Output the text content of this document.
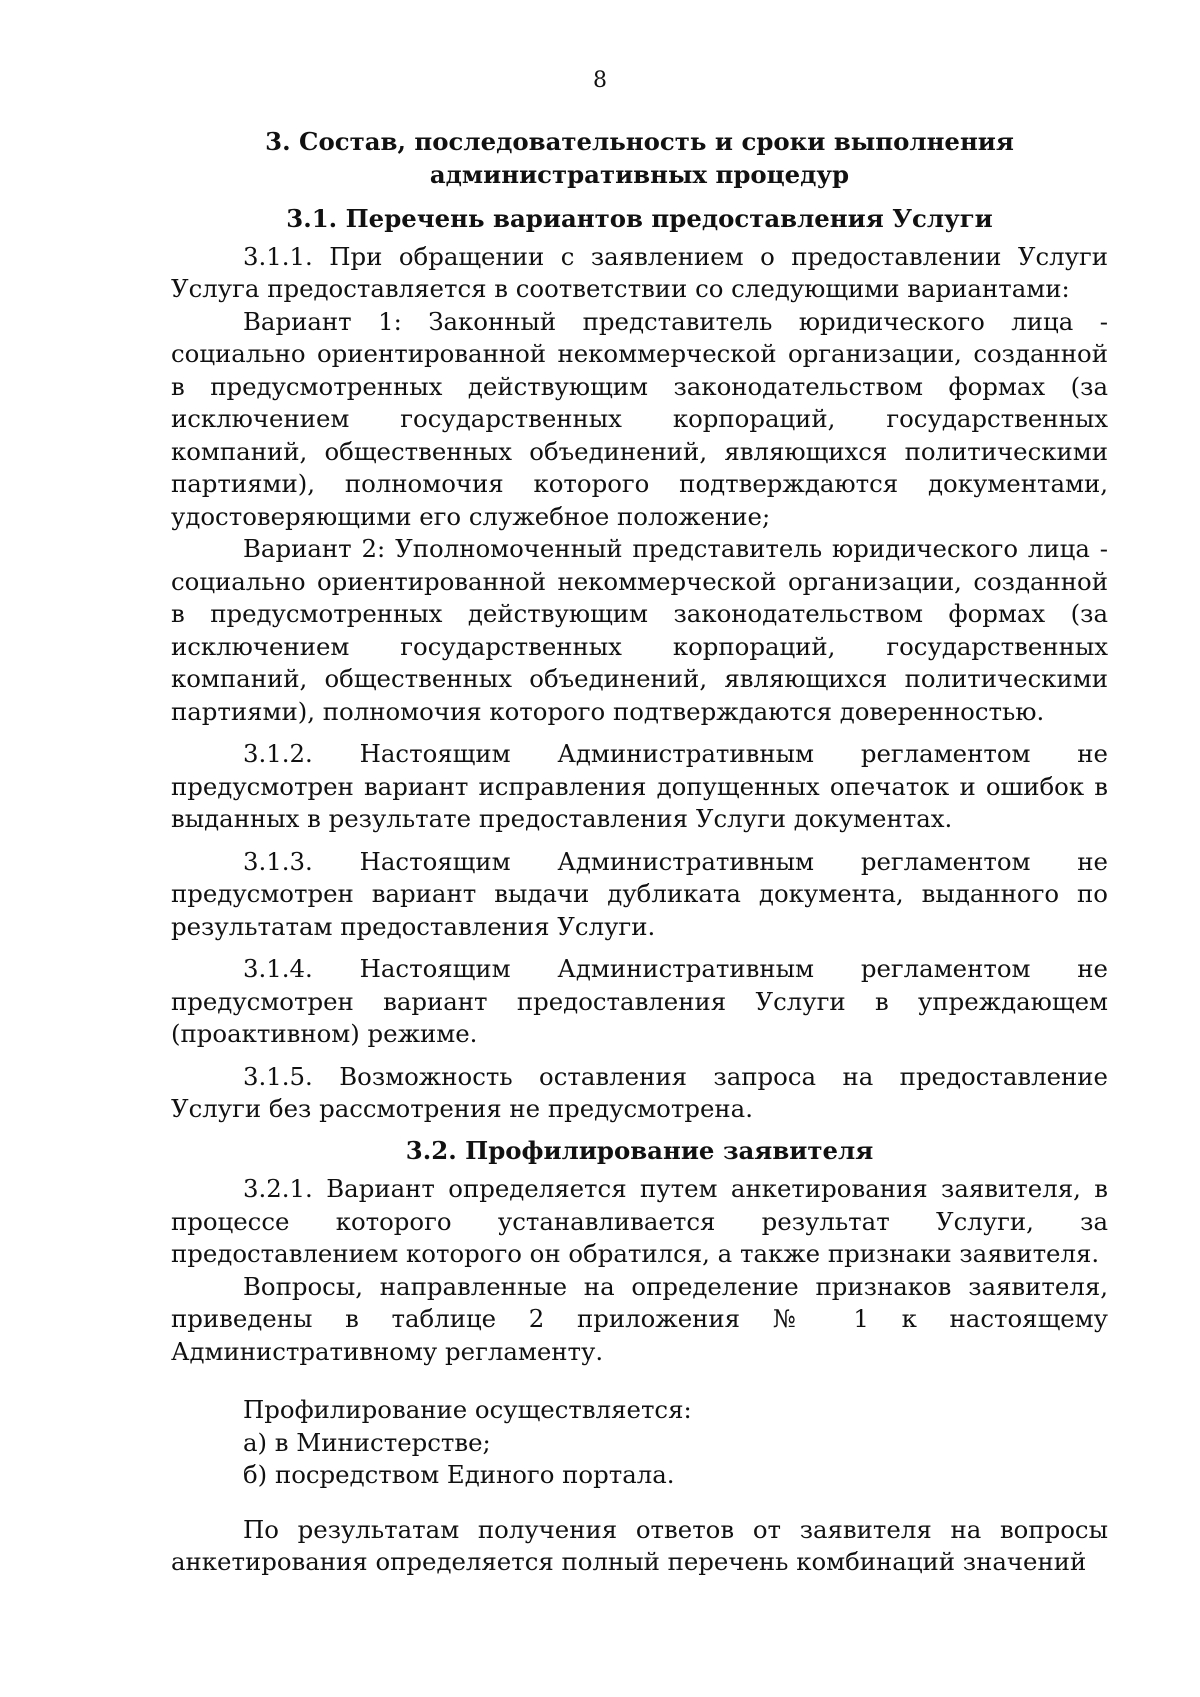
8
3. Состав, последовательность и сроки выполнения административных процедур
3.1. Перечень вариантов предоставления Услуги

3.1.1. При обращении с заявлением о предоставлении Услуги Услуга предоставляется в соответствии со следующими вариантами:

Вариант 1: Законный представитель юридического лица - социально ориентированной некоммерческой организации, созданной в предусмотренных действующим законодательством формах (за исключением государственных корпораций, государственных компаний, общественных объединений, являющихся политическими партиями), полномочия которого подтверждаются документами, удостоверяющими его служебное положение;

Вариант 2: Уполномоченный представитель юридического лица - социально ориентированной некоммерческой организации, созданной в предусмотренных действующим законодательством формах (за исключением государственных корпораций, государственных компаний, общественных объединений, являющихся политическими партиями), полномочия которого подтверждаются доверенностью.

3.1.2. Настоящим Административным регламентом не предусмотрен вариант исправления допущенных опечаток и ошибок в выданных в результате предоставления Услуги документах.

3.1.3. Настоящим Административным регламентом не предусмотрен вариант выдачи дубликата документа, выданного по результатам предоставления Услуги.

3.1.4. Настоящим Административным регламентом не предусмотрен вариант предоставления Услуги в упреждающем (проактивном) режиме.

3.1.5. Возможность оставления запроса на предоставление Услуги без рассмотрения не предусмотрена.

3.2. Профилирование заявителя

3.2.1. Вариант определяется путем анкетирования заявителя, в процессе которого устанавливается результат Услуги, за предоставлением которого он обратился, а также признаки заявителя.

Вопросы, направленные на определение признаков заявителя, приведены в таблице 2 приложения № 1 к настоящему Административному регламенту.

Профилирование осуществляется:

а) в Министерстве;

б) посредством Единого портала.

По результатам получения ответов от заявителя на вопросы анкетирования определяется полный перечень комбинаций значений
